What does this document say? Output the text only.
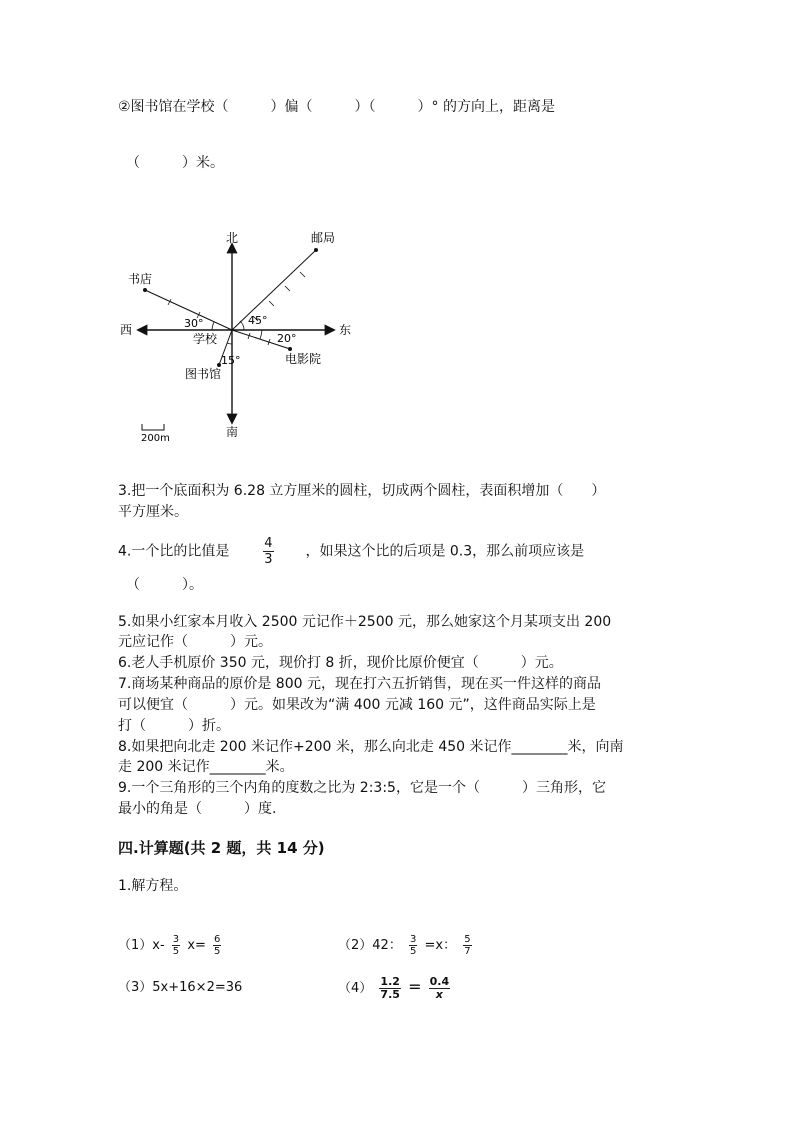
②图书馆在学校（　　　）偏（　　　）（　　　）° 的方向上，距离是
（　　　）米。
北
南
东
西
邮局
书店
电影院
图书馆
学校
30°	45°
20°
15°
200m
3.把一个底面积为 6.28 立方厘米的圆柱，切成两个圆柱，表面积增加（　　）
平方厘米。
4.一个比的比值是	$\frac{4}{3}$ ，如果这个比的后项是 0.3，那么前项应该是
（　　　）。
5.如果小红家本月收入 2500 元记作＋2500 元，那么她家这个月某项支出 200
元应记作（　　　）元。
6.老人手机原价 350 元，现价打 8 折，现价比原价便宜（　　　）元。
7.商场某种商品的原价是 800 元，现在打六五折销售，现在买一件这样的商品
可以便宜（　　　）元。如果改为“满 400 元减 160 元”，这件商品实际上是
打（　　　）折。
8.如果把向北走 200 米记作+200 米，那么向北走 450 米记作________米，向南
走 200 米记作________米。
9.一个三角形的三个内角的度数之比为 2:3:5，它是一个（　　　）三角形，它
最小的角是（　　　）度.
四.计算题(共 2 题，共 14 分)
1.解方程。
$(1)x- \frac{3}{5} x= \frac{6}{5}$	（2）42： $\frac{3}{5} =x$： $\frac{5}{7}$
（3）5x+16×2=36	$(4) \frac{1.2}{7.5} = \frac{0.4}{x}$
